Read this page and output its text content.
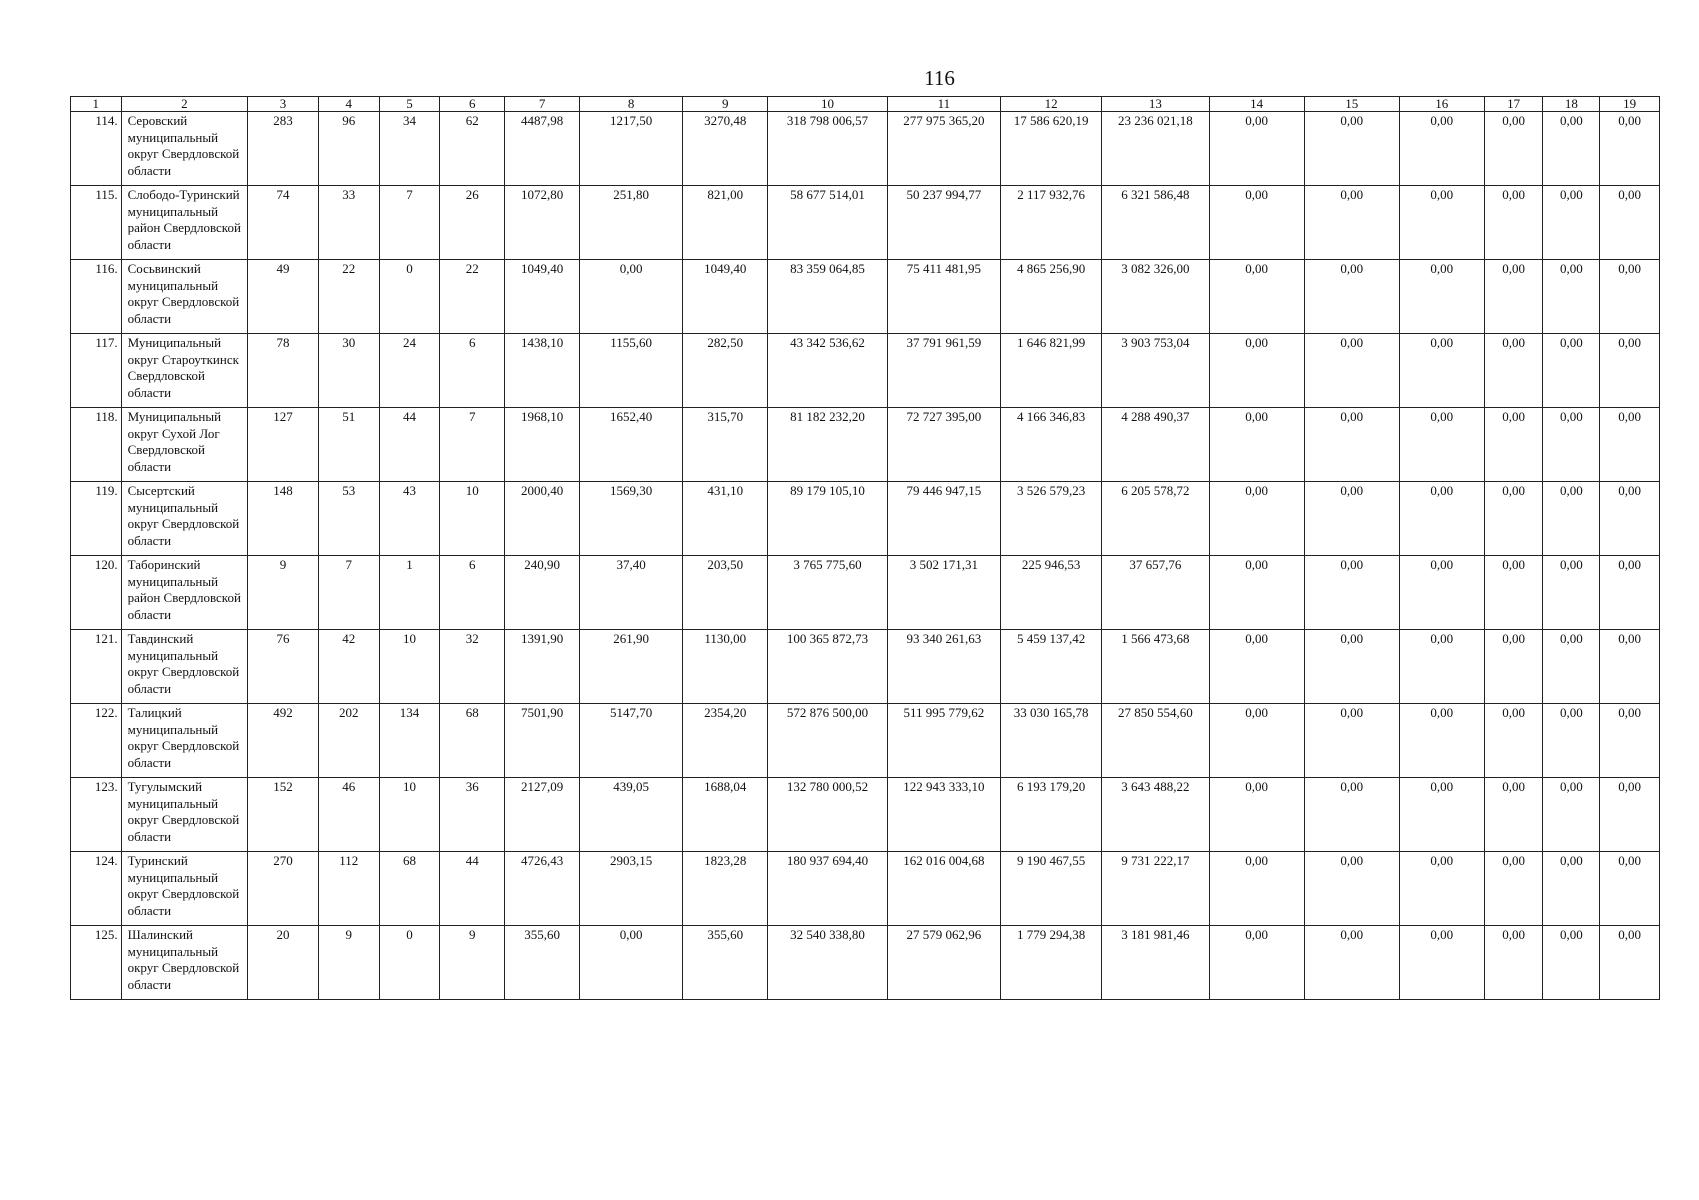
116
1	2	3	4	5	6	7	8	9	10	11	12	13	14	15	16	17	18	19
114.	Серовский муниципальный округ Свердловской области	283	96	34	62	4487,98	1217,50	3270,48	318 798 006,57	277 975 365,20	17 586 620,19	23 236 021,18	0,00	0,00	0,00	0,00	0,00	0,00
115.	Слободо-Туринский муниципальный район Свердловской области	74	33	7	26	1072,80	251,80	821,00	58 677 514,01	50 237 994,77	2 117 932,76	6 321 586,48	0,00	0,00	0,00	0,00	0,00	0,00
116.	Сосьвинский муниципальный округ Свердловской области	49	22	0	22	1049,40	0,00	1049,40	83 359 064,85	75 411 481,95	4 865 256,90	3 082 326,00	0,00	0,00	0,00	0,00	0,00	0,00
117.	Муниципальный округ Староуткинск Свердловской области	78	30	24	6	1438,10	1155,60	282,50	43 342 536,62	37 791 961,59	1 646 821,99	3 903 753,04	0,00	0,00	0,00	0,00	0,00	0,00
118.	Муниципальный округ Сухой Лог Свердловской области	127	51	44	7	1968,10	1652,40	315,70	81 182 232,20	72 727 395,00	4 166 346,83	4 288 490,37	0,00	0,00	0,00	0,00	0,00	0,00
119.	Сысертский муниципальный округ Свердловской области	148	53	43	10	2000,40	1569,30	431,10	89 179 105,10	79 446 947,15	3 526 579,23	6 205 578,72	0,00	0,00	0,00	0,00	0,00	0,00
120.	Таборинский муниципальный район Свердловской области	9	7	1	6	240,90	37,40	203,50	3 765 775,60	3 502 171,31	225 946,53	37 657,76	0,00	0,00	0,00	0,00	0,00	0,00
121.	Тавдинский муниципальный округ Свердловской области	76	42	10	32	1391,90	261,90	1130,00	100 365 872,73	93 340 261,63	5 459 137,42	1 566 473,68	0,00	0,00	0,00	0,00	0,00	0,00
122.	Талицкий муниципальный округ Свердловской области	492	202	134	68	7501,90	5147,70	2354,20	572 876 500,00	511 995 779,62	33 030 165,78	27 850 554,60	0,00	0,00	0,00	0,00	0,00	0,00
123.	Тугулымский муниципальный округ Свердловской области	152	46	10	36	2127,09	439,05	1688,04	132 780 000,52	122 943 333,10	6 193 179,20	3 643 488,22	0,00	0,00	0,00	0,00	0,00	0,00
124.	Туринский муниципальный округ Свердловской области	270	112	68	44	4726,43	2903,15	1823,28	180 937 694,40	162 016 004,68	9 190 467,55	9 731 222,17	0,00	0,00	0,00	0,00	0,00	0,00
125.	Шалинский муниципальный округ Свердловской области	20	9	0	9	355,60	0,00	355,60	32 540 338,80	27 579 062,96	1 779 294,38	3 181 981,46	0,00	0,00	0,00	0,00	0,00	0,00
